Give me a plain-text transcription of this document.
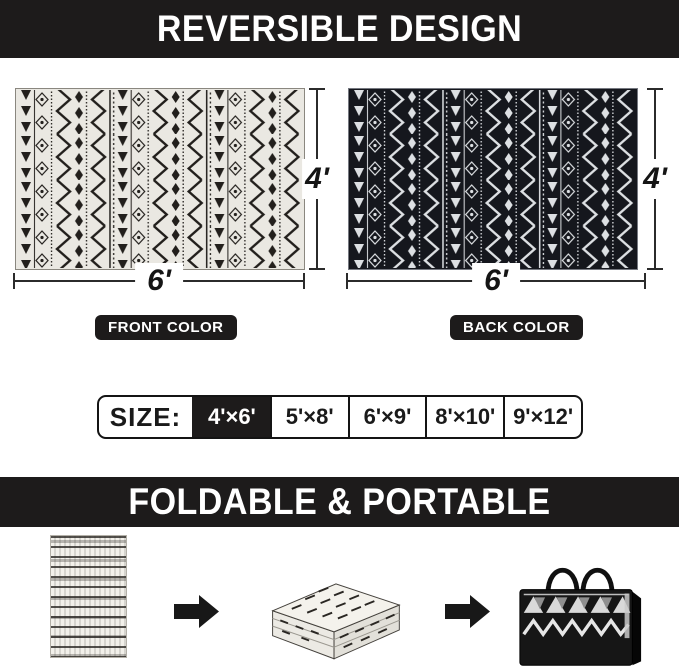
REVERSIBLE DESIGN
4'
6'
FRONT COLOR
4'
6'
BACK COLOR
SIZE:	4'×6'	5'×8'	6'×9'	8'×10' 9'×12'
FOLDABLE & PORTABLE
